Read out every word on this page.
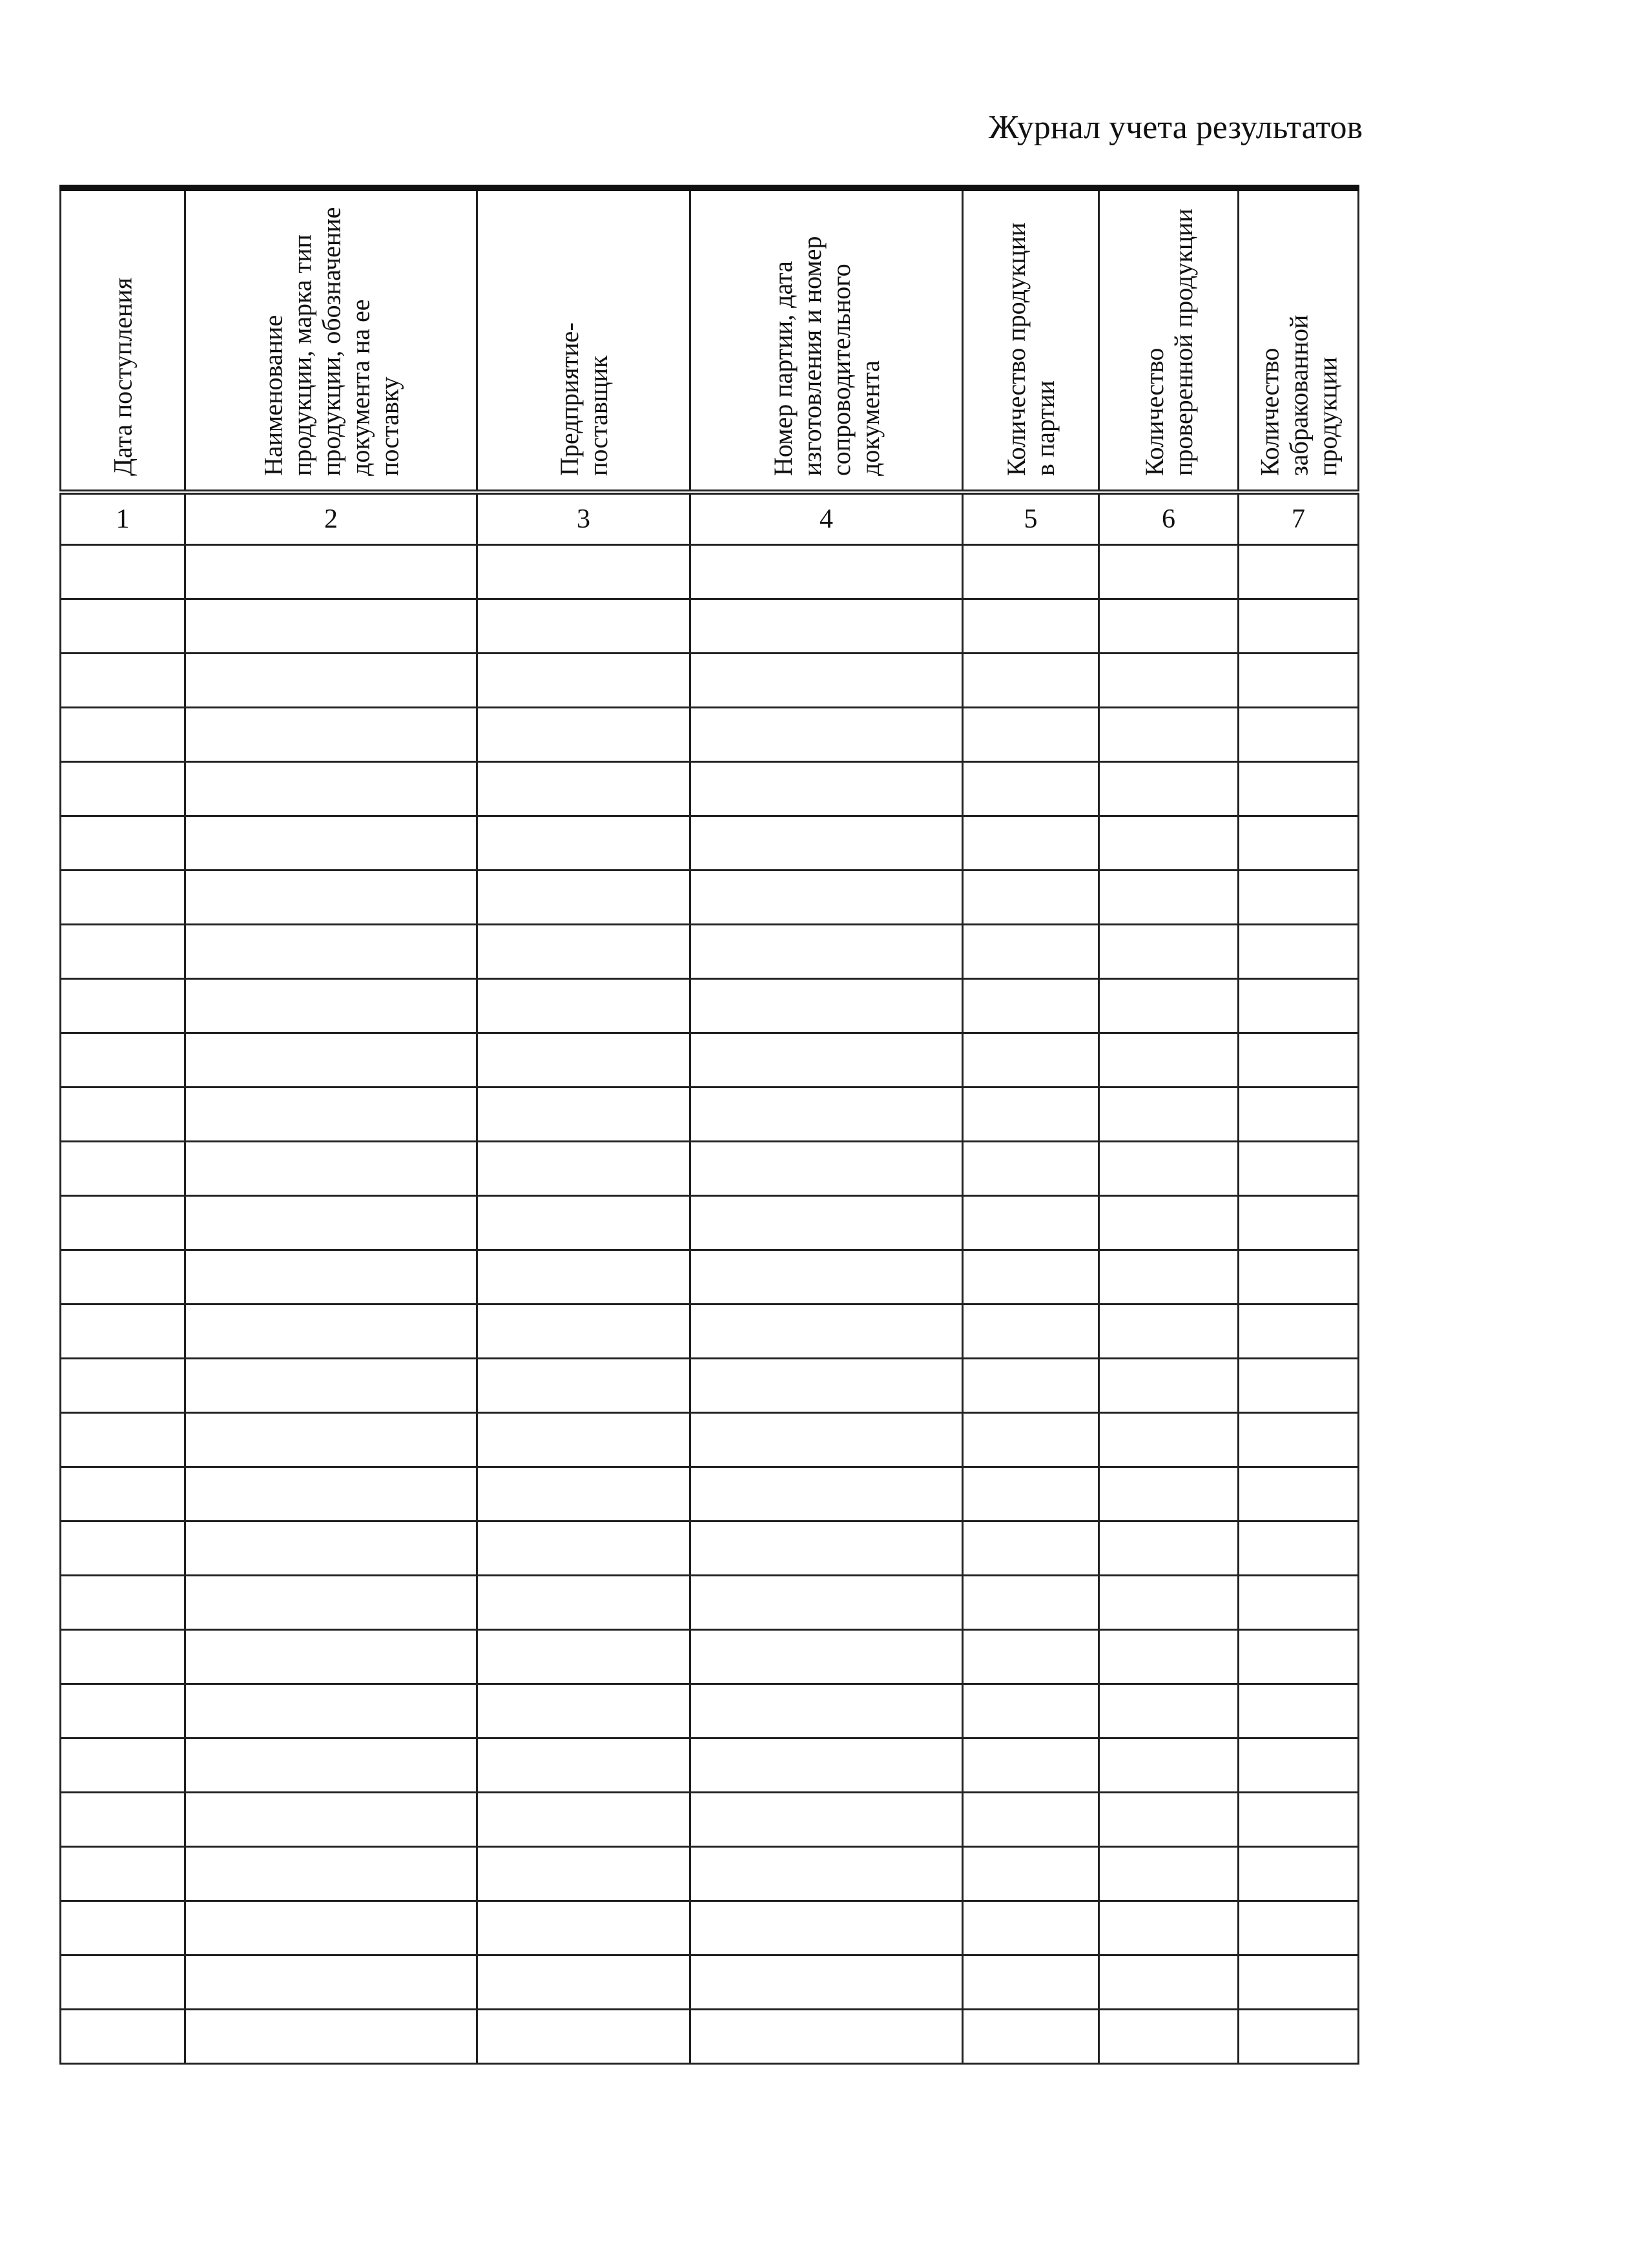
Журнал учета результатов
Дата поступления	Наименование продукции, марка тип продукции, обозначение документа на ее поставку	Предприятие-поставщик	Номер партии, дата изготовления и номер сопроводительного документа	Количество продукции в партии	Количество проверенной продукции	Количество забракованной продукции

1	2	3	4	5	6	7
